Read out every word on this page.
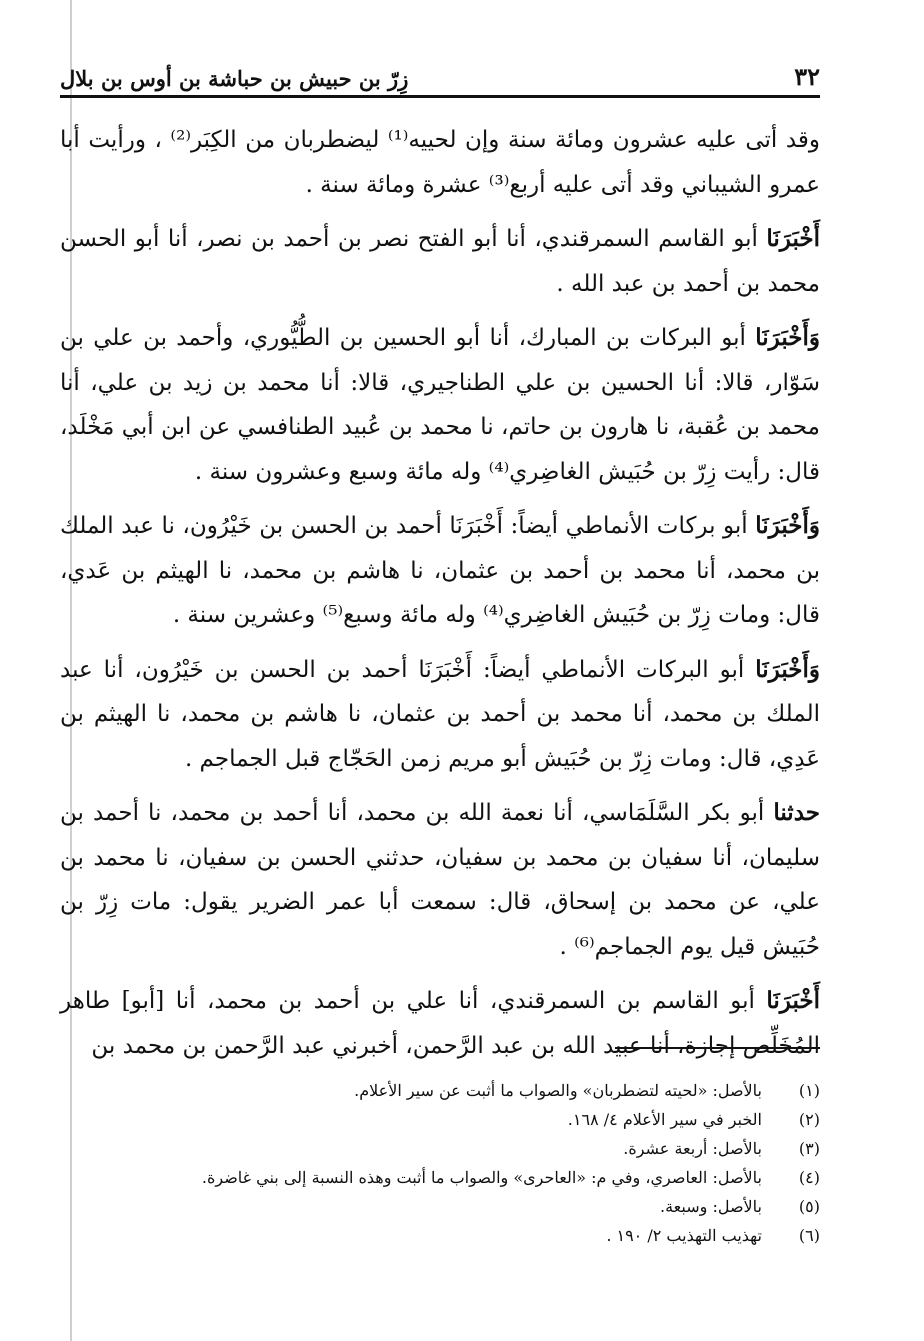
٣٢
زِرّ بن حبيش بن حباشة بن أوس بن بلال

وقد أتى عليه عشرون ومائة سنة وإن لحييه⁽¹⁾ ليضطربان من الكِبَر⁽²⁾ ، ورأيت أبا عمرو الشيباني وقد أتى عليه أربع⁽³⁾ عشرة ومائة سنة .

أَخْبَرَنَا أبو القاسم السمرقندي، أنا أبو الفتح نصر بن أحمد بن نصر، أنا أبو الحسن محمد بن أحمد بن عبد الله .

وَأَخْبَرَنَا أبو البركات بن المبارك، أنا أبو الحسين بن الطُّيُّوري، وأحمد بن علي بن سَوّار، قالا: أنا الحسين بن علي الطناجيري، قالا: أنا محمد بن زيد بن علي، أنا محمد بن عُقبة، نا هارون بن حاتم، نا محمد بن عُبيد الطنافسي عن ابن أبي مَخْلَد، قال: رأيت زِرّ بن حُبَيش الغاضِري⁽⁴⁾ وله مائة وسبع وعشرون سنة .

وَأَخْبَرَنَا أبو بركات الأنماطي أيضاً: أَخْبَرَنَا أحمد بن الحسن بن خَيْرُون، نا عبد الملك بن محمد، أنا محمد بن أحمد بن عثمان، نا هاشم بن محمد، نا الهيثم بن عَدي، قال: ومات زِرّ بن حُبَيش الغاضِري⁽⁴⁾ وله مائة وسبع⁽⁵⁾ وعشرين سنة .

وَأَخْبَرَنَا أبو البركات الأنماطي أيضاً: أَخْبَرَنَا أحمد بن الحسن بن خَيْرُون، أنا عبد الملك بن محمد، أنا محمد بن أحمد بن عثمان، نا هاشم بن محمد، نا الهيثم بن عَدِي، قال: ومات زِرّ بن حُبَيش أبو مريم زمن الحَجّاج قبل الجماجم .

حدثنا أبو بكر السَّلَمَاسي، أنا نعمة الله بن محمد، أنا أحمد بن محمد، نا أحمد بن سليمان، أنا سفيان بن محمد بن سفيان، حدثني الحسن بن سفيان، نا محمد بن علي، عن محمد بن إسحاق، قال: سمعت أبا عمر الضرير يقول: مات زِرّ بن حُبَيش قيل يوم الجماجم⁽⁶⁾ .

أَخْبَرَنَا أبو القاسم بن السمرقندي، أنا علي بن أحمد بن محمد، أنا [أبو] طاهر المُخَلِّص إجازة، أنا عبيد الله بن عبد الرَّحمن، أخبرني عبد الرَّحمن بن محمد بن

(١)
بالأصل: «لحيته لتضطربان» والصواب ما أثبت عن سير الأعلام.
(٢)
الخبر في سير الأعلام ٤/ ١٦٨.
(٣)
بالأصل: أربعة عشرة.
(٤)
بالأصل: العاصري، وفي م: «العاحرى» والصواب ما أثبت وهذه النسبة إلى بني غاضرة.
(٥)
بالأصل: وسبعة.
(٦)
تهذيب التهذيب ٢/ ١٩٠ .
